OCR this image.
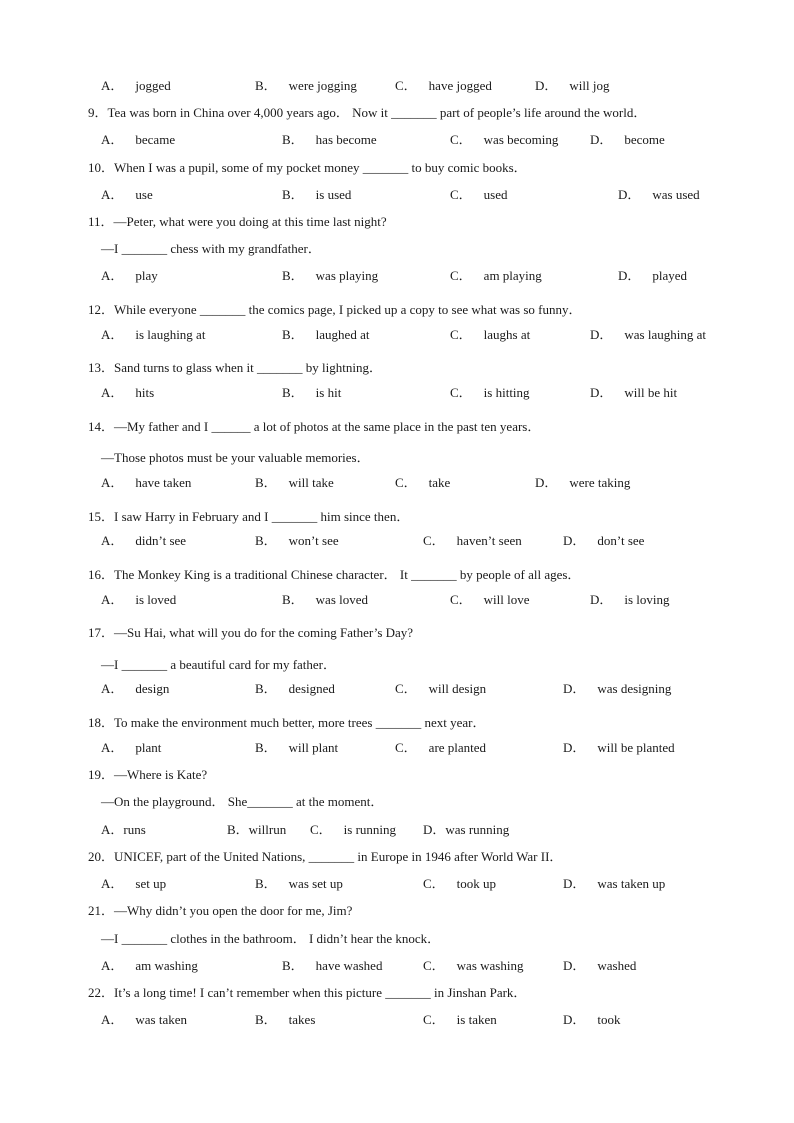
A． jogged	B． were jogging	C． have jogged	D． will jog
9．Tea was born in China over 4,000 years ago． Now it _______ part of people’s life around the world．
A． became	B． has become	C． was becoming D． become
10．When I was a pupil, some of my pocket money _______ to buy comic books．
A． use	B． is used	C． used	D． was used
11．—Peter, what were you doing at this time last night?
—I _______ chess with my grandfather．
A． play	B． was playing	C． am playing	D． played
12．While everyone _______ the comics page, I picked up a copy to see what was so funny．
A． is laughing at	B． laughed at	C． laughs at	D． was laughing at
13．Sand turns to glass when it _______ by lightning．
A． hits	B． is hit	C． is hitting	D． will be hit
14．—My father and I ______ a lot of photos at the same place in the past ten years．
—Those photos must be your valuable memories．
A． have taken	B． will take	C． take	D． were taking
15．I saw Harry in February and I _______ him since then．
A． didn’t see	B． won’t see	C． haven’t seen	D． don’t see
16．The Monkey King is a traditional Chinese character． It _______ by people of all ages．
A． is loved	B． was loved	C． will love	D． is loving
17．—Su Hai, what will you do for the coming Father’s Day?
—I _______ a beautiful card for my father．
A． design	B． designed	C． will design	D． was designing
18．To make the environment much better, more trees _______ next year．
A． plant	B． will plant	C． are planted	D． will be planted
19．—Where is Kate?
—On the playground． She_______ at the moment．
A．runs	B．willrun C． is running D．was running
20．UNICEF, part of the United Nations, _______ in Europe in 1946 after World War II．
A． set up	B． was set up	C． took up	D． was taken up
21．—Why didn’t you open the door for me, Jim?
—I _______ clothes in the bathroom． I didn’t hear the knock．
A． am washing	B． have washed	C． was washing	D． washed
22．It’s a long time! I can’t remember when this picture _______ in Jinshan Park．
A． was taken	B． takes	C． is taken	D． took
